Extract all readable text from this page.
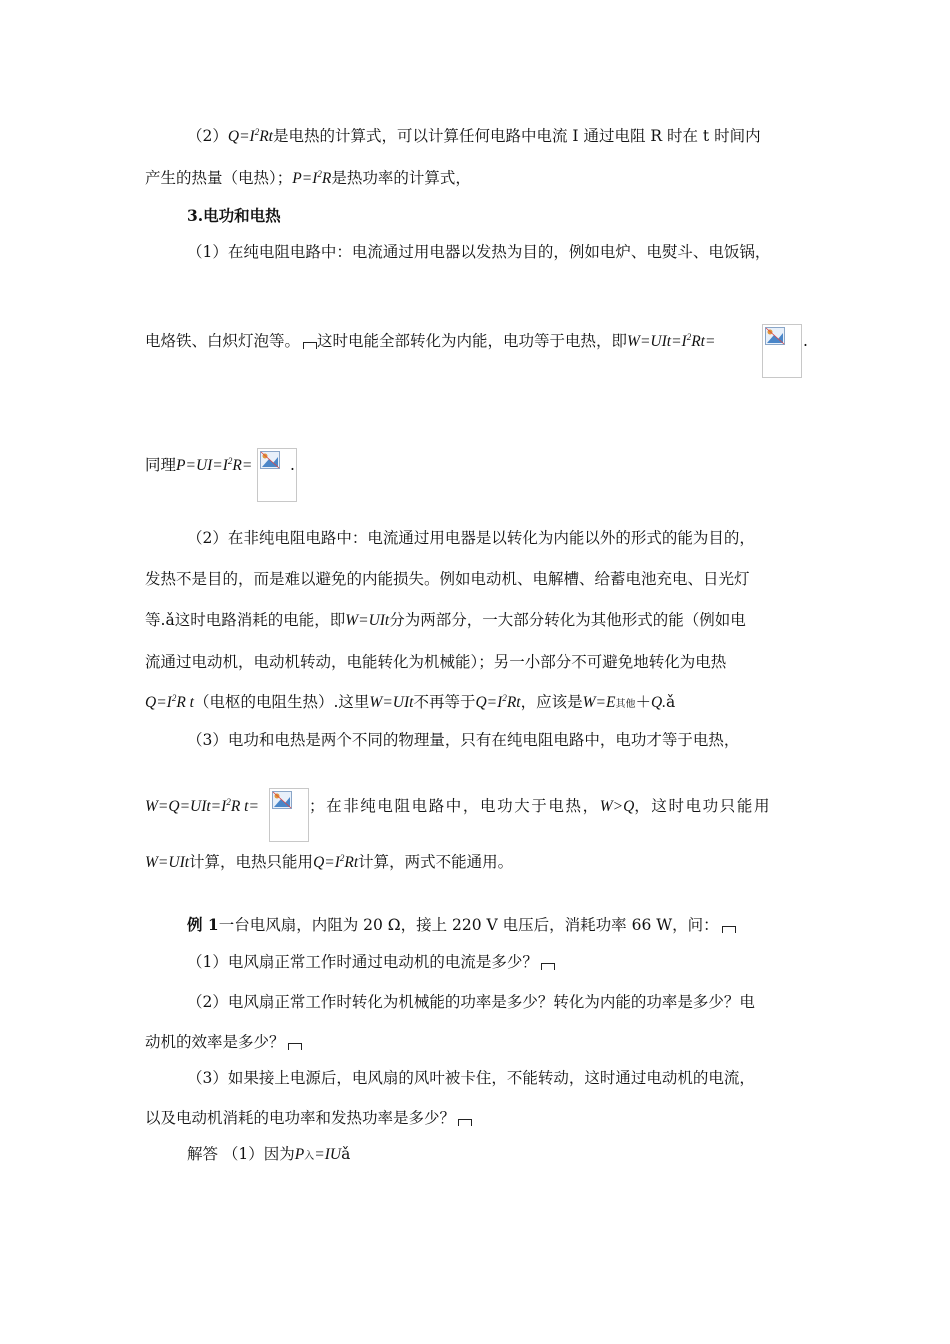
$(2)Q=I^2Rt$是电热的计算式，可以计算任何电路中电流 I 通过电阻 R 时在 t 时间内
产生的热量（电热）；$P=I^2R$是热功率的计算式，
3.电功和电热
（1）在纯电阻电路中：电流通过用电器以发热为目的，例如电炉、电熨斗、电饭锅，
电烙铁、白炽灯泡等。 这时电能全部转化为内能，电功等于电热，即$W=UIt=I^2Rt=$	.
同理$P=UI=I^2R=$ .
（2）在非纯电阻电路中：电流通过用电器是以转化为内能以外的形式的能为目的，
发热不是目的，而是难以避免的内能损失。例如电动机、电解槽、给蓄电池充电、日光灯
等.ǎ这时电路消耗的电能，即W=UIt分为两部分，一大部分转化为其他形式的能（例如电
流通过电动机，电动机转动，电能转化为机械能）；另一小部分不可避免地转化为电热
$Q=I^2R$ t（电枢的电阻生热）.这里W=UIt不再等于$Q=I^2Rt$，应该是W=E其他＋Q.ǎ
（3）电功和电热是两个不同的物理量，只有在纯电阻电路中，电功才等于电热，
$W=Q=UIt=I^2R$ t=	；在非纯电阻电路中，电功大于电热，W>Q，这时电功只能用
W=UIt计算，电热只能用$Q=I^2Rt$计算，两式不能通用。
例 1一台电风扇，内阻为 20 Ω，接上 220 V 电压后，消耗功率 66 W，问：
（1）电风扇正常工作时通过电动机的电流是多少？
（2）电风扇正常工作时转化为机械能的功率是多少？转化为内能的功率是多少？电
动机的效率是多少？
（3）如果接上电源后，电风扇的风叶被卡住，不能转动，这时通过电动机的电流，
以及电动机消耗的电功率和发热功率是多少？
解答 （1）因为P入=IUǎ
